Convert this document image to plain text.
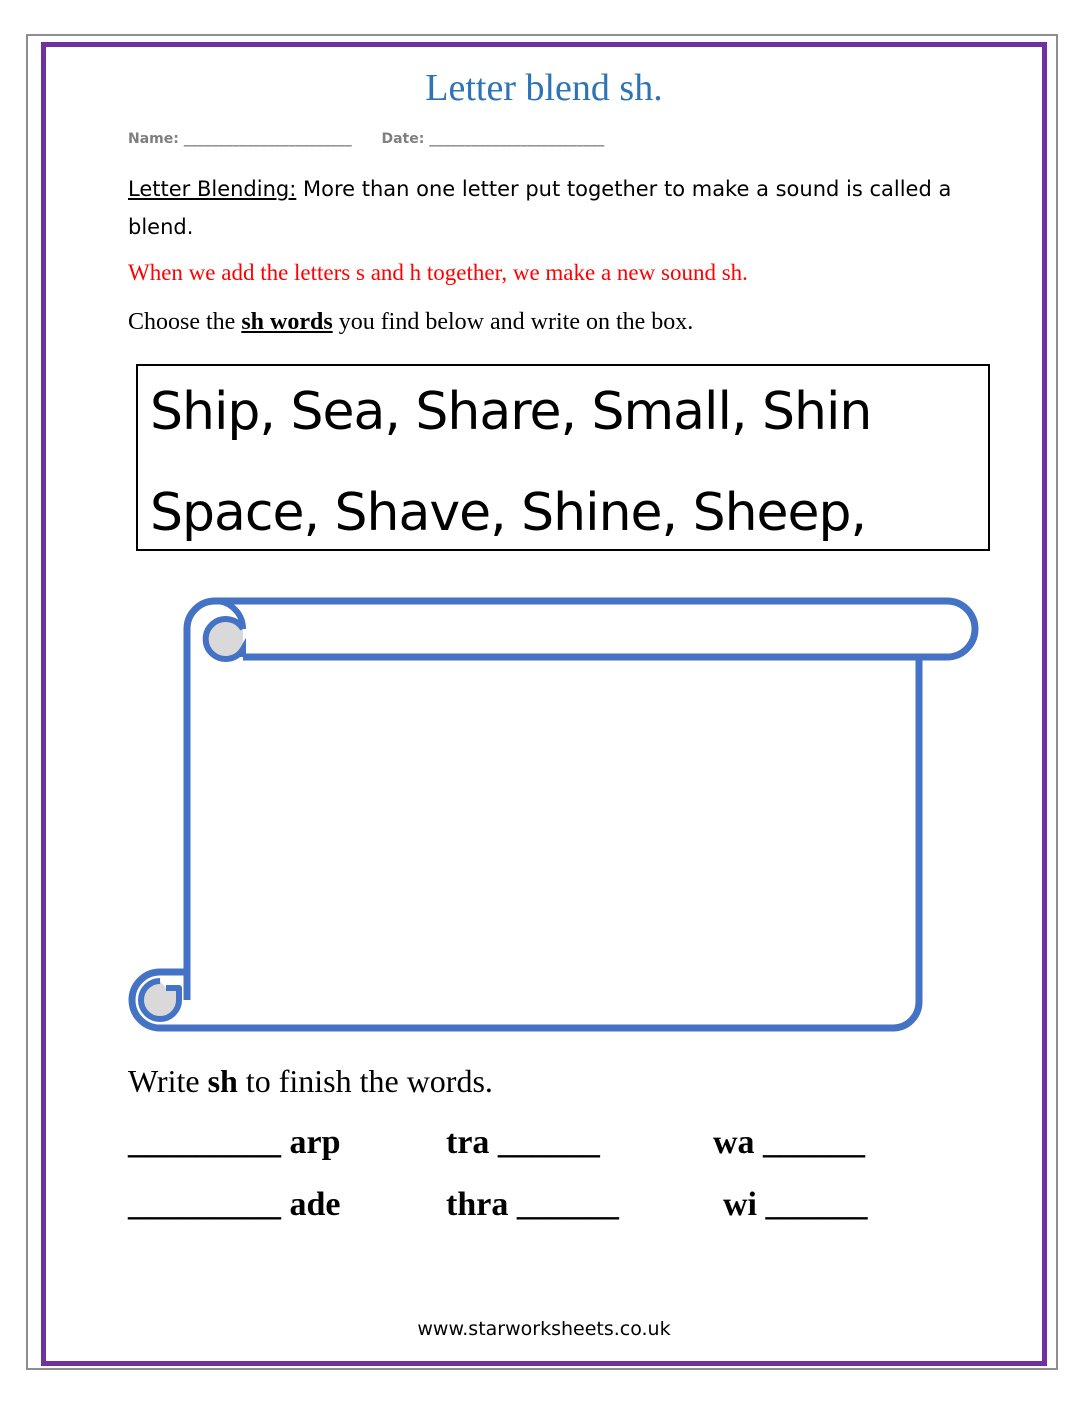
Letter blend sh.
Name: ________________________ Date: _________________________
Letter Blending: More than one letter put together to make a sound is called a blend.
When we add the letters s and h together, we make a new sound sh.
Choose the sh words you find below and write on the box.
Ship, Sea, Share, Small, Shin
Space, Shave, Shine, Sheep,
Write sh to finish the words.
_________ arp	tra ______	wa ______
_________ ade	thra ______	wi ______
www.starworksheets.co.uk
